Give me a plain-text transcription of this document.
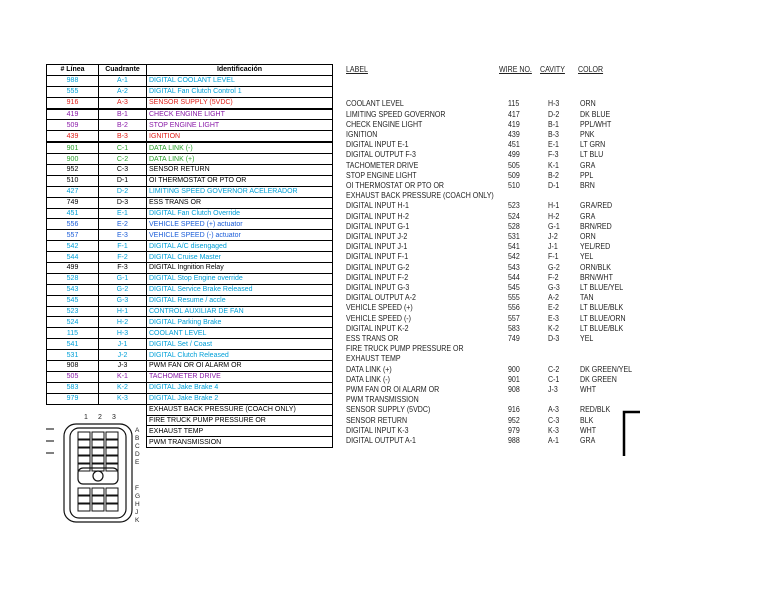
# Línea	Cuadrante	Identificación
988	A-1	DIGITAL COOLANT LEVEL
555	A-2	DIGITAL Fan Clutch Control 1
916	A-3	SENSOR SUPPLY (5VDC)
419	B-1	CHECK ENGINE LIGHT
509	B-2	STOP ENGINE LIGHT
439	B-3	IGNITION
901	C-1	DATA LINK (-)
900	C-2	DATA LINK (+)
952	C-3	SENSOR RETURN
510	D-1	OI THERMOSTAT OR PTO OR
427	D-2	LIMITING SPEED GOVERNOR ACELERADOR
749	D-3	ESS TRANS OR
451	E-1	DIGITAL Fan Clutch Override
556	E-2	VEHICLE SPEED (+) actuator
557	E-3	VEHICLE SPEED (-) actuator
542	F-1	DIGITAL A/C disengaged
544	F-2	DIGITAL Cruise Master
499	F-3	DIGITAL Ingnition Relay
528	G-1	DIGITAL Stop Engine override
543	G-2	DIGITAL Service Brake Released
545	G-3	DIGITAL Resume / accle
523	H-1	CONTROL AUXILIAR DE FAN
524	H-2	DIGITAL Parking Brake
115	H-3	COOLANT LEVEL
541	J-1	DIGITAL Set / Coast
531	J-2	DIGITAL Clutch Released
908	J-3	PWM FAN OR OI ALARM OR
505	K-1	TACHOMETER DRIVE
583	K-2	DIGITAL Jake Brake 4
979	K-3	DIGITAL Jake Brake 2
		EXHAUST BACK PRESSURE (COACH ONLY)
		FIRE TRUCK PUMP PRESSURE OR
		EXHAUST TEMP
		PWM TRANSMISSION
1 2 3
A
B
C
D
E
F
G
H
J
K
LABEL	WIRE NO. CAVITY COLOR
COOLANT LEVEL	115	H-3 ORN
LIMITING SPEED GOVERNOR	417	D-2 DK BLUE
CHECK ENGINE LIGHT	419	B-1 PPL/WHT
IGNITION	439	B-3 PNK
DIGITAL INPUT E-1	451	E-1 LT GRN
DIGITAL OUTPUT F-3	499	F-3 LT BLU
TACHOMETER DRIVE	505	K-1 GRA
STOP ENGINE LIGHT	509	B-2 PPL
OI THERMOSTAT OR PTO OR	510	D-1 BRN
EXHAUST BACK PRESSURE (COACH ONLY)
DIGITAL INPUT H-1	523	H-1 GRA/RED
DIGITAL INPUT H-2	524	H-2 GRA
DIGITAL INPUT G-1	528	G-1 BRN/RED
DIGITAL INPUT J-2	531	J-2	ORN
DIGITAL INPUT J-1	541	J-1	YEL/RED
DIGITAL INPUT F-1	542	F-1 YEL
DIGITAL INPUT G-2	543	G-2 ORN/BLK
DIGITAL INPUT F-2	544	F-2 BRN/WHT
DIGITAL INPUT G-3	545	G-3 LT BLUE/YEL
DIGITAL OUTPUT A-2	555	A-2 TAN
VEHICLE SPEED (+)	556	E-2 LT BLUE/BLK
VEHICLE SPEED (-)	557	E-3 LT BLUE/ORN
DIGITAL INPUT K-2	583	K-2 LT BLUE/BLK
ESS TRANS OR	749	D-3 YEL
FIRE TRUCK PUMP PRESSURE OR
EXHAUST TEMP
DATA LINK (+)	900	C-2 DK GREEN/YEL
DATA LINK (-)	901	C-1 DK GREEN
PWM FAN OR OI ALARM OR	908	J-3	WHT
PWM TRANSMISSION
SENSOR SUPPLY (5VDC)	916	A-3 RED/BLK
SENSOR RETURN	952	C-3 BLK
DIGITAL INPUT K-3	979	K-3 WHT
DIGITAL OUTPUT A-1	988	A-1 GRA
